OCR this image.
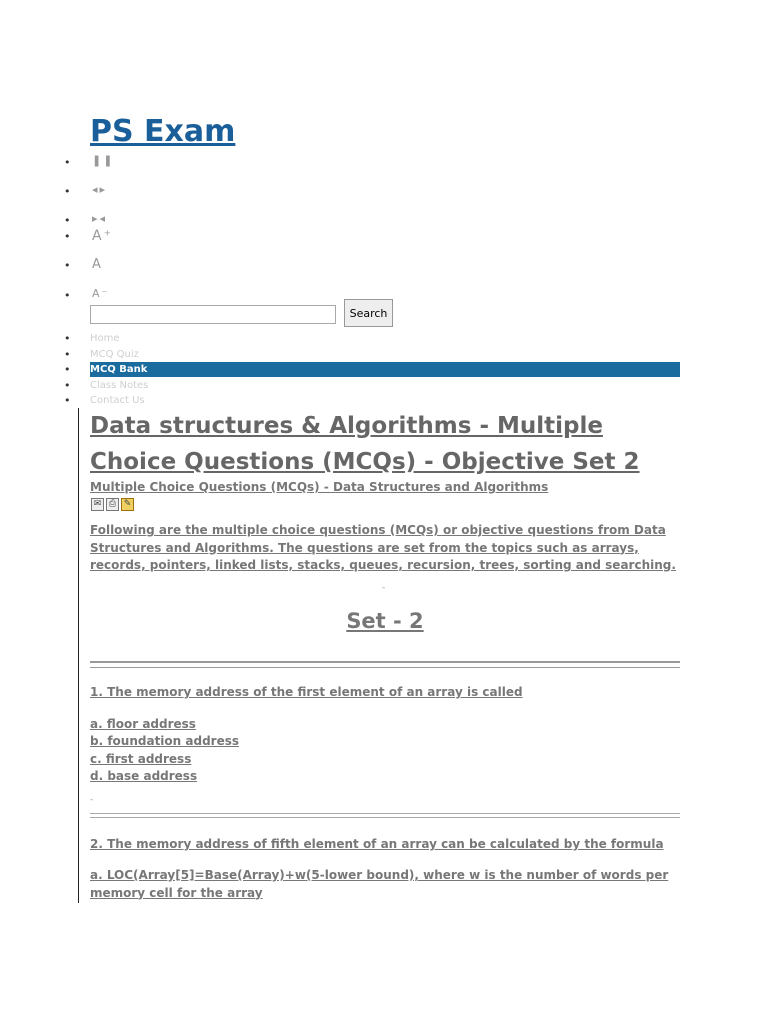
PS Exam
• ❚❚
• ◂▸
• ▸◂
• A⁺
• A
• A⁻
Search
• Home
• MCQ Quiz
• MCQ Bank
• Class Notes
• Contact Us
Data structures & Algorithms - Multiple Choice Questions (MCQs) - Objective Set 2
Multiple Choice Questions (MCQs) - Data Structures and Algorithms
✉ ⎙ ✎

Following are the multiple choice questions (MCQs) or objective questions from Data Structures and Algorithms. The questions are set from the topics such as arrays, records, pointers, linked lists, stacks, queues, recursion, trees, sorting and searching.

-
Set - 2

1. The memory address of the first element of an array is called

a. floor address

b. foundation address

c. first address

d. base address

-

2. The memory address of fifth element of an array can be calculated by the formula

a. LOC(Array[5]=Base(Array)+w(5-lower bound), where w is the number of words per memory cell for the array
